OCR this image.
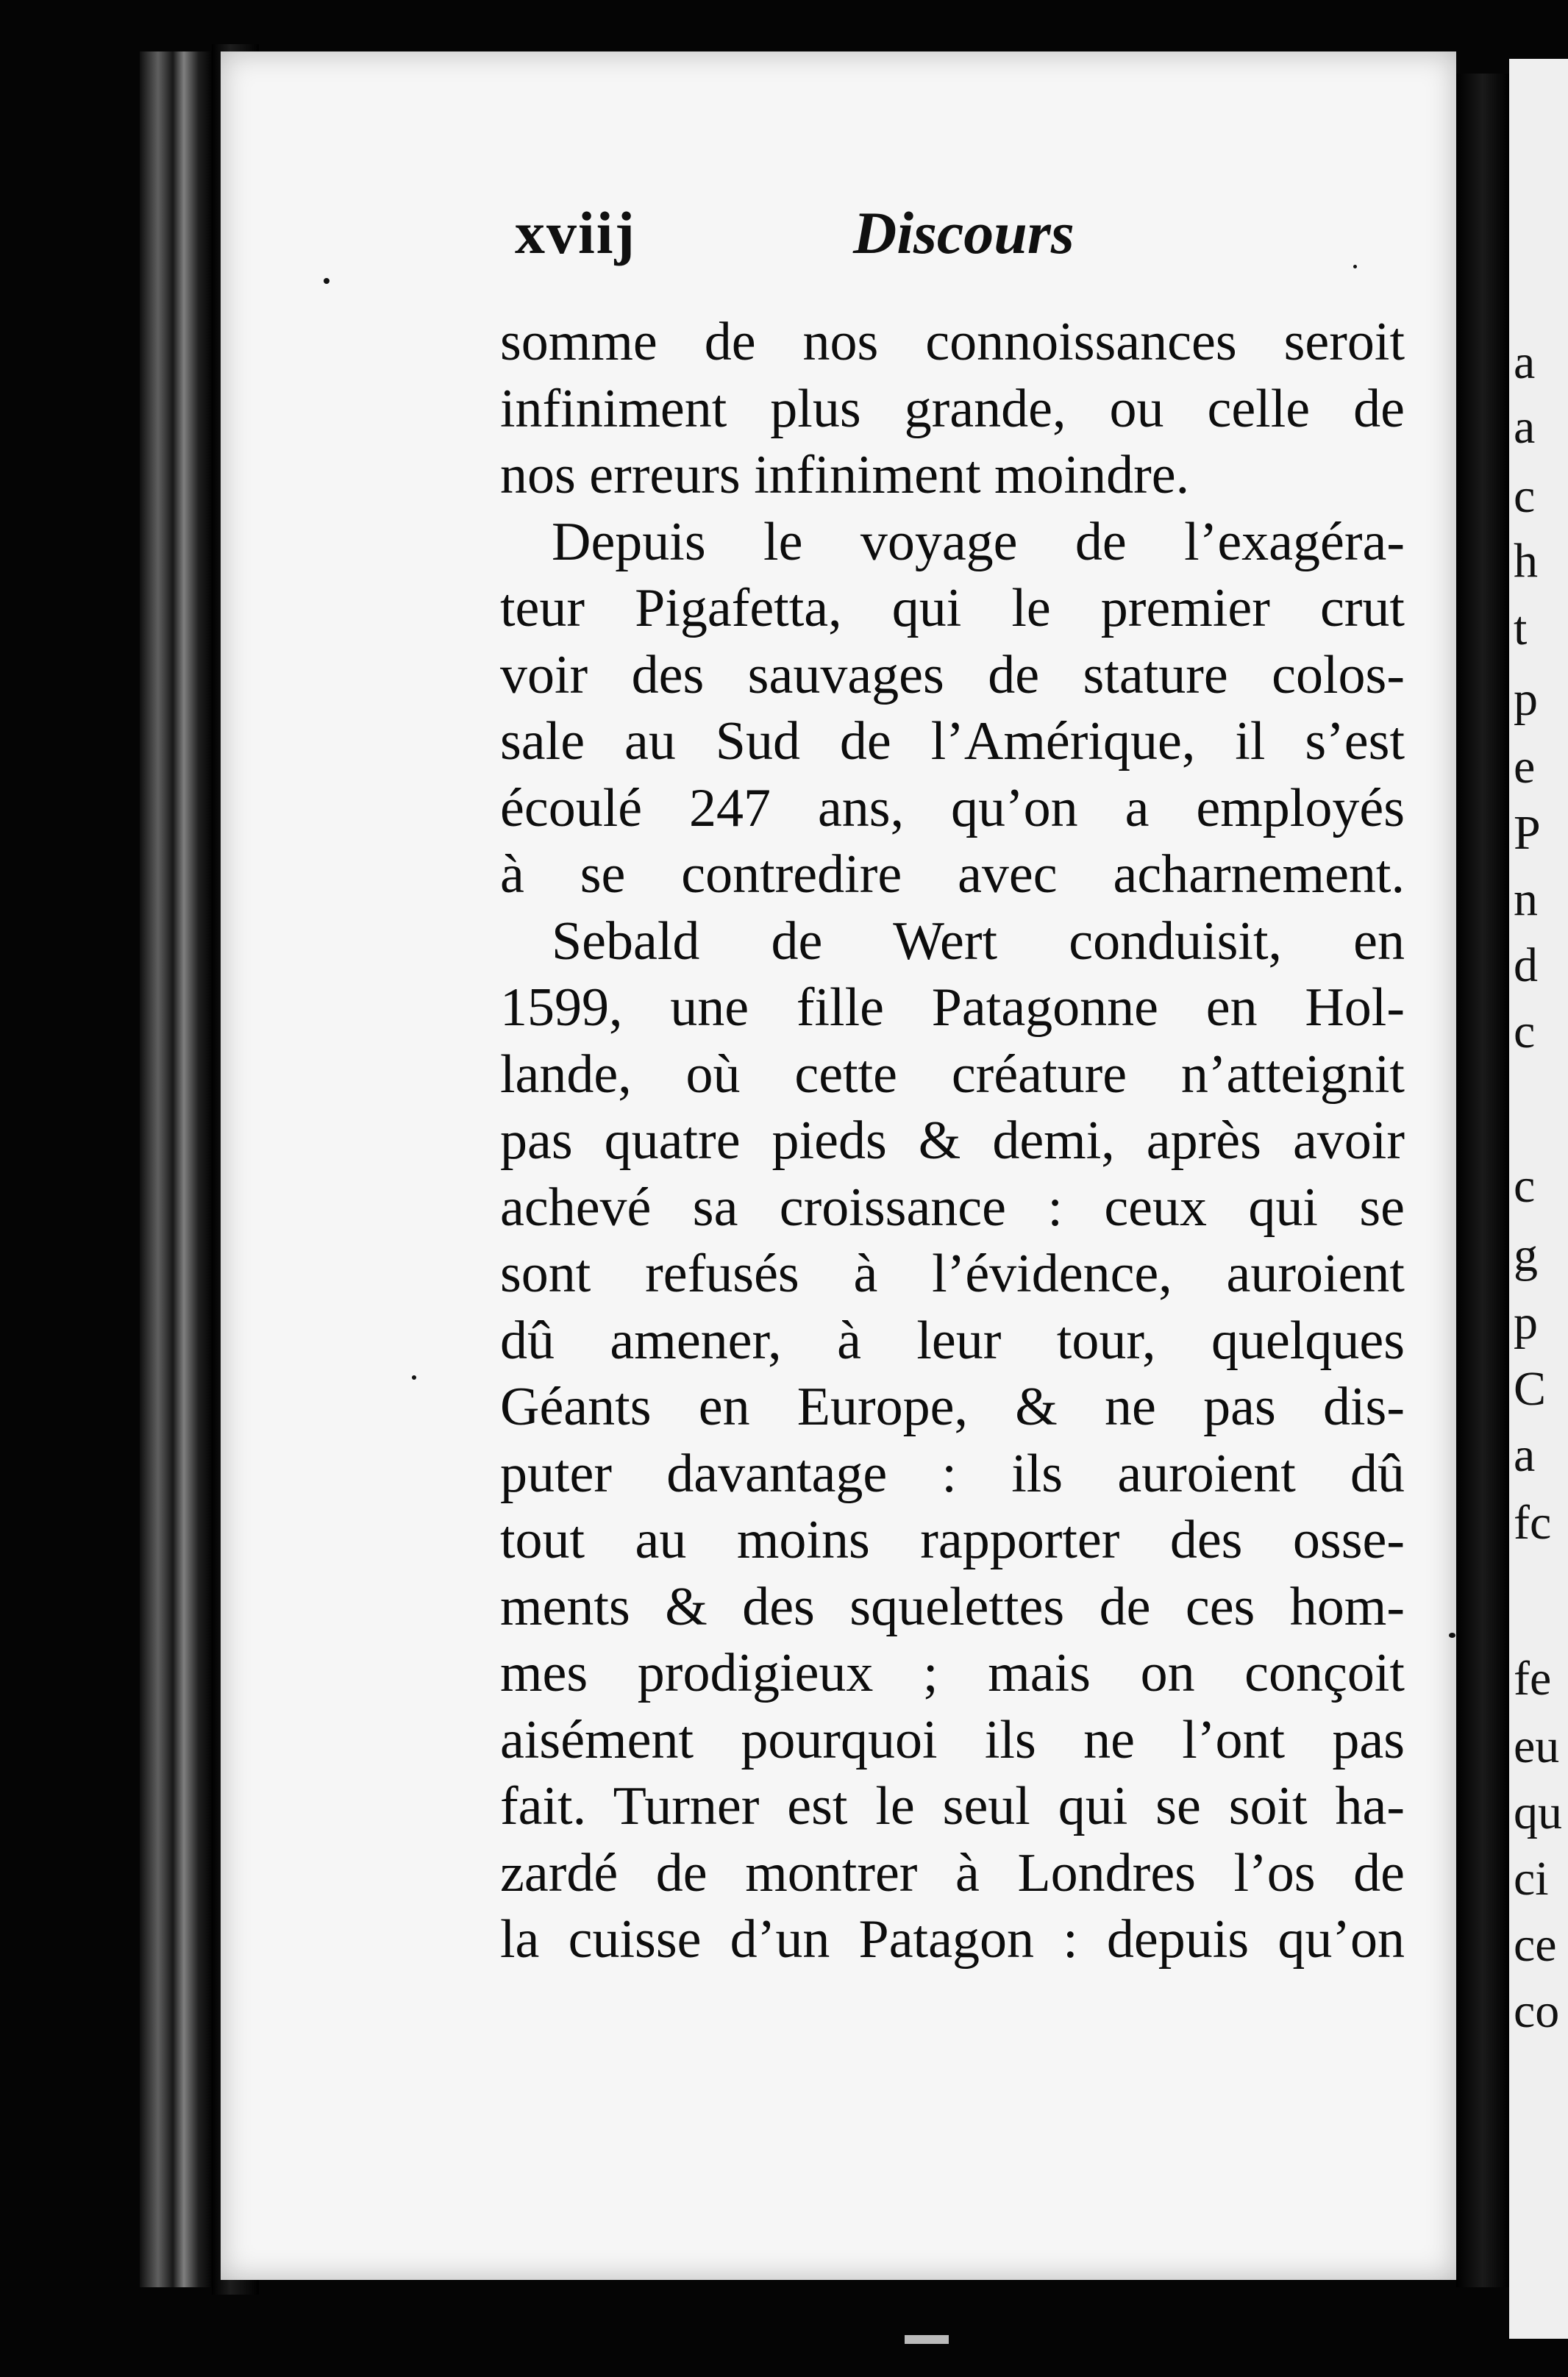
xviij	Discours
somme de nos connoissances seroit
infiniment plus grande, ou celle de
nos erreurs infiniment moindre.
Depuis le voyage de l’exagéra-
teur Pigafetta, qui le premier crut
voir des sauvages de stature colos-
sale au Sud de l’Amérique, il s’est
écoulé 247 ans, qu’on a employés
à se contredire avec acharnement.
Sebald de Wert conduisit, en
1599, une fille Patagonne en Hol-
lande, où cette créature n’atteignit
pas quatre pieds & demi, après avoir
achevé sa croissance : ceux qui se
sont refusés à l’évidence, auroient
dû amener, à leur tour, quelques
Géants en Europe, & ne pas dis-
puter davantage : ils auroient dû
tout au moins rapporter des osse-
ments & des squelettes de ces hom-
mes prodigieux ; mais on conçoit
aisément pourquoi ils ne l’ont pas
fait. Turner est le seul qui se soit ha-
zardé de montrer à Londres l’os de
la cuisse d’un Patagon : depuis qu’on
a
a
c
h
t
p
e
P
n
d
c
c
g
p
C
a
fc
fe
eu
qu
ci
ce
co
